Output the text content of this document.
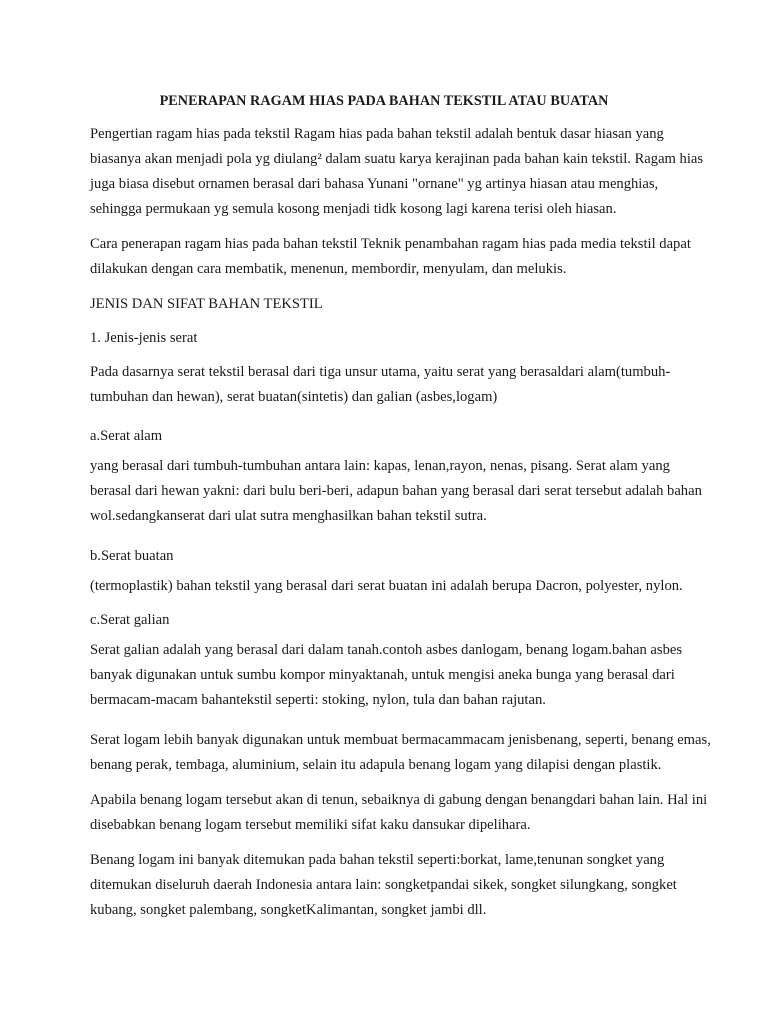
PENERAPAN RAGAM HIAS PADA BAHAN TEKSTIL ATAU BUATAN
Pengertian ragam hias pada tekstil Ragam hias pada bahan tekstil adalah bentuk dasar hiasan yang
biasanya akan menjadi pola yg diulang² dalam suatu karya kerajinan pada bahan kain tekstil. Ragam hias
juga biasa disebut ornamen berasal dari bahasa Yunani "ornane" yg artinya hiasan atau menghias,
sehingga permukaan yg semula kosong menjadi tidk kosong lagi karena terisi oleh hiasan.
Cara penerapan ragam hias pada bahan tekstil Teknik penambahan ragam hias pada media tekstil dapat
dilakukan dengan cara membatik, menenun, membordir, menyulam, dan melukis.
JENIS DAN SIFAT BAHAN TEKSTIL
1. Jenis-jenis serat
Pada dasarnya serat tekstil berasal dari tiga unsur utama, yaitu serat yang berasaldari alam(tumbuh-
tumbuhan dan hewan), serat buatan(sintetis) dan galian (asbes,logam)
a.Serat alam
yang berasal dari tumbuh-tumbuhan antara lain: kapas, lenan,rayon, nenas, pisang. Serat alam yang
berasal dari hewan yakni: dari bulu beri-beri, adapun bahan yang berasal dari serat tersebut adalah bahan
wol.sedangkanserat dari ulat sutra menghasilkan bahan tekstil sutra.
b.Serat buatan
(termoplastik) bahan tekstil yang berasal dari serat buatan ini adalah berupa Dacron, polyester, nylon.
c.Serat galian
Serat galian adalah yang berasal dari dalam tanah.contoh asbes danlogam, benang logam.bahan asbes
banyak digunakan untuk sumbu kompor minyaktanah, untuk mengisi aneka bunga yang berasal dari
bermacam-macam bahantekstil seperti: stoking, nylon, tula dan bahan rajutan.
Serat logam lebih banyak digunakan untuk membuat bermacammacam jenisbenang, seperti, benang emas,
benang perak, tembaga, aluminium, selain itu adapula benang logam yang dilapisi dengan plastik.
Apabila benang logam tersebut akan di tenun, sebaiknya di gabung dengan benangdari bahan lain. Hal ini
disebabkan benang logam tersebut memiliki sifat kaku dansukar dipelihara.
Benang logam ini banyak ditemukan pada bahan tekstil seperti:borkat, lame,tenunan songket yang
ditemukan diseluruh daerah Indonesia antara lain: songketpandai sikek, songket silungkang, songket
kubang, songket palembang, songketKalimantan, songket jambi dll.
